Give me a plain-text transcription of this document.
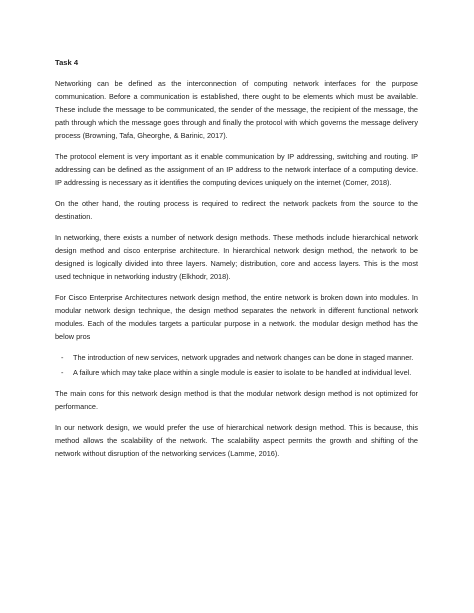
Task 4

Networking can be defined as the interconnection of computing network interfaces for the purpose communication. Before a communication is established, there ought to be elements which must be available. These include the message to be communicated, the sender of the message, the recipient of the message, the path through which the message goes through and finally the protocol with which governs the message delivery process (Browning, Tafa, Gheorghe, & Barinic, 2017).

The protocol element is very important as it enable communication by IP addressing, switching and routing. IP addressing can be defined as the assignment of an IP address to the network interface of a computing device. IP addressing is necessary as it identifies the computing devices uniquely on the internet (Comer, 2018).

On the other hand, the routing process is required to redirect the network packets from the source to the destination.

In networking, there exists a number of network design methods. These methods include hierarchical network design method and cisco enterprise architecture. In hierarchical network design method, the network to be designed is logically divided into three layers. Namely; distribution, core and access layers. This is the most used technique in networking industry (Elkhodr, 2018).

For Cisco Enterprise Architectures network design method, the entire network is broken down into modules. In modular network design technique, the design method separates the network in different functional network modules. Each of the modules targets a particular purpose in a network. the modular design method has the below pros

- The introduction of new services, network upgrades and network changes can be done in staged manner.
- A failure which may take place within a single module is easier to isolate to be handled at individual level.

The main cons for this network design method is that the modular network design method is not optimized for performance.

In our network design, we would prefer the use of hierarchical network design method. This is because, this method allows the scalability of the network. The scalability aspect permits the growth and shifting of the network without disruption of the networking services (Lamme, 2016).
